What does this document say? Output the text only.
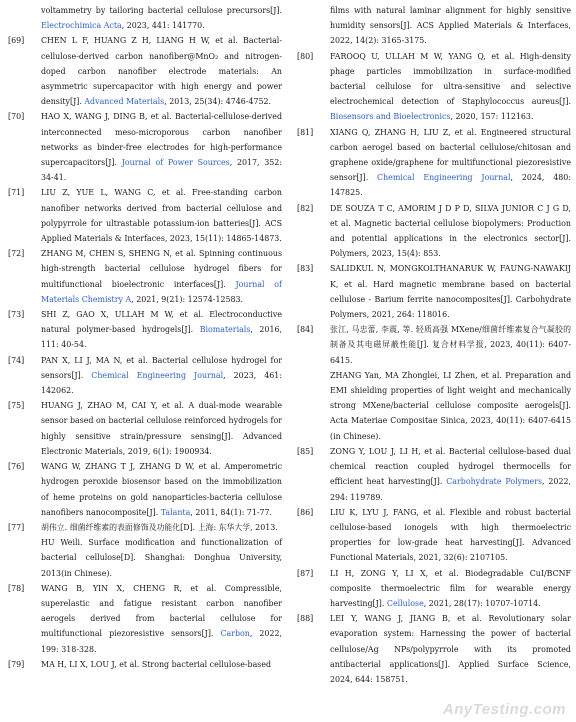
voltammetry by tailoring bacterial cellulose precursors[J]. Electrochimica Acta, 2023, 441: 141770.
[69]	CHEN L F, HUANG Z H, LIANG H W, et al. Bacterial-cellulose-derived carbon nanofiber@MnO₂ and nitrogen-doped carbon nanofiber electrode materials: An asymmetric supercapacitor with high energy and power density[J]. Advanced Materials, 2013, 25(34): 4746-4752.
[70]	HAO X, WANG J, DING B, et al. Bacterial-cellulose-derived interconnected meso-microporous carbon nanofiber networks as binder-free electrodes for high-performance supercapacitors[J]. Journal of Power Sources, 2017, 352: 34-41.
[71]	LIU Z, YUE L, WANG C, et al. Free-standing carbon nanofiber networks derived from bacterial cellulose and polypyrrole for ultrastable potassium-ion batteries[J]. ACS Applied Materials & Interfaces, 2023, 15(11): 14865-14873.
[72]	ZHANG M, CHEN S, SHENG N, et al. Spinning continuous high-strength bacterial cellulose hydrogel fibers for multifunctional bioelectronic interfaces[J]. Journal of Materials Chemistry A, 2021, 9(21): 12574-12583.
[73]	SHI Z, GAO X, ULLAH M W, et al. Electroconductive natural polymer-based hydrogels[J]. Biomaterials, 2016, 111: 40-54.
[74]	PAN X, LI J, MA N, et al. Bacterial cellulose hydrogel for sensors[J]. Chemical Engineering Journal, 2023, 461: 142062.
[75]	HUANG J, ZHAO M, CAI Y, et al. A dual-mode wearable sensor based on bacterial cellulose reinforced hydrogels for highly sensitive strain/pressure sensing[J]. Advanced Electronic Materials, 2019, 6(1): 1900934.
[76]	WANG W, ZHANG T J, ZHANG D W, et al. Amperometric hydrogen peroxide biosensor based on the immobilization of heme proteins on gold nanoparticles-bacteria cellulose nanofibers nanocomposite[J]. Talanta, 2011, 84(1): 71-77.
[77]	胡伟立. 细菌纤维素的表面修饰及功能化[D]. 上海: 东华大学, 2013.
HU Weili. Surface modification and functionalization of bacterial cellulose[D]. Shanghai: Donghua University, 2013(in Chinese).
[78]	WANG B, YIN X, CHENG R, et al. Compressible, superelastic and fatigue resistant carbon nanofiber aerogels derived from bacterial cellulose for multifunctional piezoresistive sensors[J]. Carbon, 2022, 199: 318-328.
[79]	MA H, LI X, LOU J, et al. Strong bacterial cellulose-based
films with natural laminar alignment for highly sensitive humidity sensors[J]. ACS Applied Materials & Interfaces, 2022, 14(2): 3165-3175.
[80]	FAROOQ U, ULLAH M W, YANG Q, et al. High-density phage particles immobilization in surface-modified bacterial cellulose for ultra-sensitive and selective electrochemical detection of Staphylococcus aureus[J]. Biosensors and Bioelectronics, 2020, 157: 112163.
[81]	XIANG Q, ZHANG H, LIU Z, et al. Engineered structural carbon aerogel based on bacterial cellulose/chitosan and graphene oxide/graphene for multifunctional piezoresistive sensor[J]. Chemical Engineering Journal, 2024, 480: 147825.
[82]	DE SOUZA T C, AMORIM J D P D, SILVA JUNIOR C J G D, et al. Magnetic bacterial cellulose biopolymers: Production and potential applications in the electronics sector[J]. Polymers, 2023, 15(4): 853.
[83]	SALIDKUL N, MONGKOLTHANARUK W, FAUNG-NAWAKIJ K, et al. Hard magnetic membrane based on bacterial cellulose - Barium ferrite nanocomposites[J]. Carbohydrate Polymers, 2021, 264: 118016.
[84]	张江, 马忠蕾, 李震, 等. 轻质高强 MXene/细菌纤维素复合气凝胶的制备及其电磁屏蔽性能[J]. 复合材料学报, 2023, 40(11): 6407-6415.
ZHANG Yan, MA Zhonglei, LI Zhen, et al. Preparation and EMI shielding properties of light weight and mechanically strong MXene/bacterial cellulose composite aerogels[J]. Acta Materiae Compositae Sinica, 2023, 40(11): 6407-6415 (in Chinese).
[85]	ZONG Y, LOU J, LI H, et al. Bacterial cellulose-based dual chemical reaction coupled hydrogel thermocells for efficient heat harvesting[J]. Carbohydrate Polymers, 2022, 294: 119789.
[86]	LIU K, LYU J, FANG, et al. Flexible and robust bacterial cellulose-based ionogels with high thermoelectric properties for low-grade heat harvesting[J]. Advanced Functional Materials, 2021, 32(6): 2107105.
[87]	LI H, ZONG Y, LI X, et al. Biodegradable CuI/BCNF composite thermoelectric film for wearable energy harvesting[J]. Cellulose, 2021, 28(17): 10707-10714.
[88]	LEI Y, WANG J, JIANG B, et al. Revolutionary solar evaporation system: Harnessing the power of bacterial cellulose/Ag NPs/polypyrrole with its promoted antibacterial applications[J]. Applied Surface Science, 2024, 644: 158751.
AnyTesting.com
